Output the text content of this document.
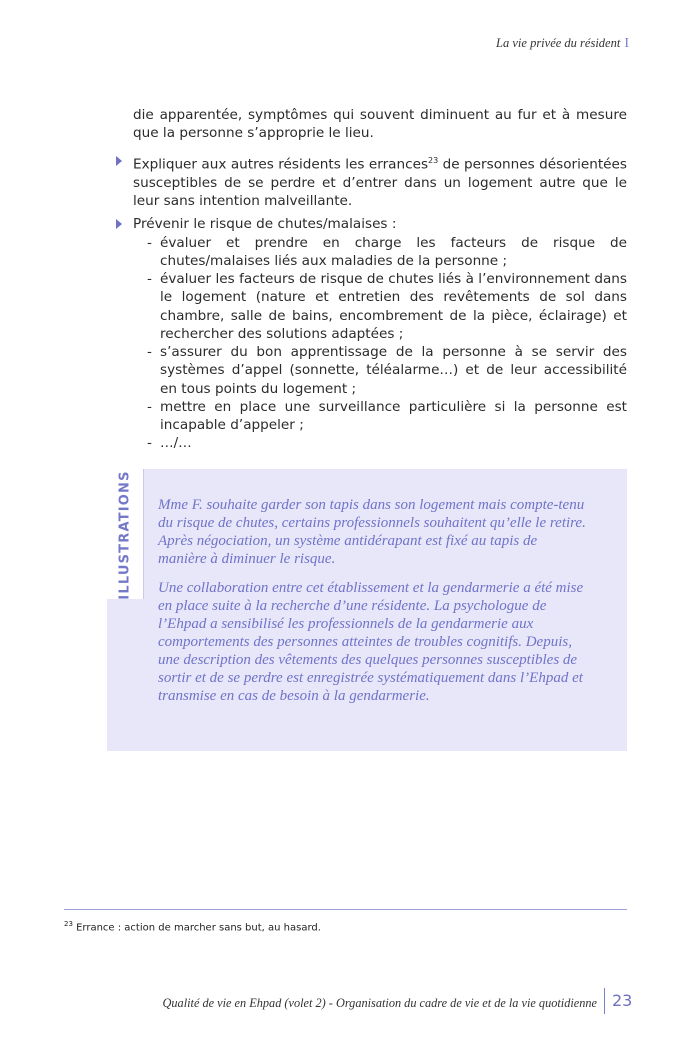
La vie privée du résident I
die apparentée, symptômes qui souvent diminuent au fur et à mesure que la personne s’approprie le lieu.
Expliquer aux autres résidents les errances$^{23}$ de personnes désorientées susceptibles de se perdre et d’entrer dans un logement autre que le leur sans intention malveillante.
Prévenir le risque de chutes/malaises :
- évaluer et prendre en charge les facteurs de risque de chutes/malaises liés aux maladies de la personne ;
- évaluer les facteurs de risque de chutes liés à l’environnement dans le logement (nature et entretien des revêtements de sol dans chambre, salle de bains, encombrement de la pièce, éclairage) et rechercher des solutions adaptées ;
- s’assurer du bon apprentissage de la personne à se servir des systèmes d’appel (sonnette, téléalarme…) et de leur accessibilité en tous points du logement ;
- mettre en place une surveillance particulière si la personne est incapable d’appeler ;
- …/…
ILLUSTRATIONS Mme F. souhaite garder son tapis dans son logement mais compte-tenu du risque de chutes, certains professionnels souhaitent qu’elle le retire. Après négociation, un système antidérapant est fixé au tapis de manière à diminuer le risque.
Une collaboration entre cet établissement et la gendarmerie a été mise en place suite à la recherche d’une résidente. La psychologue de l’Ehpad a sensibilisé les professionnels de la gendarmerie aux comportements des personnes atteintes de troubles cognitifs. Depuis, une description des vêtements des quelques personnes susceptibles de sortir et de se perdre est enregistrée systématiquement dans l’Ehpad et transmise en cas de besoin à la gendarmerie.
$^{23}$ Errance : action de marcher sans but, au hasard.
Qualité de vie en Ehpad (volet 2) - Organisation du cadre de vie et de la vie quotidienne 23
